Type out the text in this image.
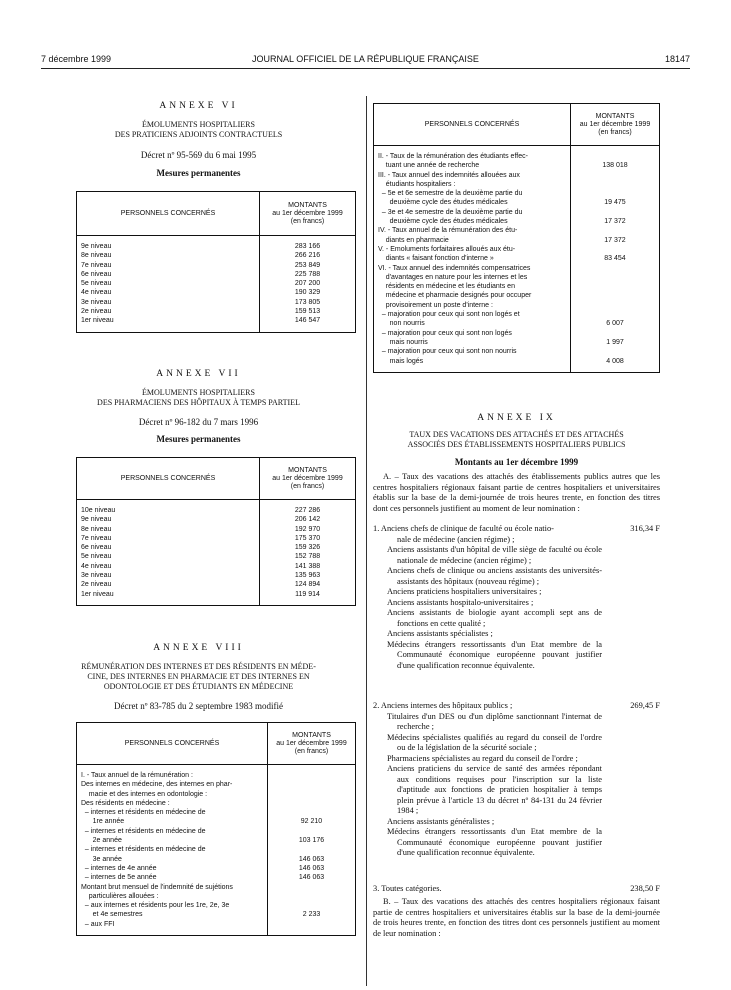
7 décembre 1999	JOURNAL OFFICIEL DE LA RÉPUBLIQUE FRANÇAISE	18147
ANNEXE VI
ÉMOLUMENTS HOSPITALIERS
DES PRATICIENS ADJOINTS CONTRACTUELS
Décret nº 95-569 du 6 mai 1995
Mesures permanentes
PERSONNELS CONCERNÉS	MONTANTS
au 1er décembre 1999
(en francs)

9e niveau	283 166
8e niveau	266 216
7e niveau	253 849
6e niveau	225 788
5e niveau	207 200
4e niveau	190 329
3e niveau	173 805
2e niveau	159 513
1er niveau	146 547

ANNEXE VII
ÉMOLUMENTS HOSPITALIERS
DES PHARMACIENS DES HÔPITAUX À TEMPS PARTIEL
Décret nº 96-182 du 7 mars 1996
Mesures permanentes
PERSONNELS CONCERNÉS	MONTANTS
au 1er décembre 1999
(en francs)

10e niveau	227 286
9e niveau	206 142
8e niveau	192 970
7e niveau	175 370
6e niveau	159 326
5e niveau	152 788
4e niveau	141 388
3e niveau	135 963
2e niveau	124 894
1er niveau	119 914

ANNEXE VIII
RÉMUNÉRATION DES INTERNES ET DES RÉSIDENTS EN MÉDE-
CINE, DES INTERNES EN PHARMACIE ET DES INTERNES EN
ODONTOLOGIE ET DES ÉTUDIANTS EN MÉDECINE
Décret nº 83-785 du 2 septembre 1983 modifié
PERSONNELS CONCERNÉS	MONTANTS
au 1er décembre 1999
(en francs)

I. - Taux annuel de la rémunération :	
Des internes en médecine, des internes en phar-	
macie et des internes en odontologie :	
Des résidents en médecine :	
– internes et résidents en médecine de	
1re année	92 210
– internes et résidents en médecine de	
2e année	103 176
– internes et résidents en médecine de	
3e année	146 063
– internes de 4e année	146 063
– internes de 5e année	146 063
Montant brut mensuel de l'indemnité de sujétions	
particulières allouées :	
– aux internes et résidents pour les 1re, 2e, 3e	
et 4e semestres	2 233
– aux FFI	

PERSONNELS CONCERNÉS	MONTANTS
au 1er décembre 1999
(en francs)

II. - Taux de la rémunération des étudiants effec-	
tuant une année de recherche	138 018
III. - Taux annuel des indemnités allouées aux	
étudiants hospitaliers :	
– 5e et 6e semestre de la deuxième partie du	
deuxième cycle des études médicales	19 475
– 3e et 4e semestre de la deuxième partie du	
deuxième cycle des études médicales	17 372
IV. - Taux annuel de la rémunération des étu-	
diants en pharmacie	17 372
V. - Emoluments forfaitaires alloués aux étu-	
diants « faisant fonction d'interne »	83 454
VI. - Taux annuel des indemnités compensatrices	
d'avantages en nature pour les internes et les	
résidents en médecine et les étudiants en	
médecine et pharmacie designés pour occuper	
provisoirement un poste d'interne :	
– majoration pour ceux qui sont non logés et	
non nourris	6 007
– majoration pour ceux qui sont non logés	
mais nourris	1 997
– majoration pour ceux qui sont non nourris	
mais logés	4 008

ANNEXE IX
TAUX DES VACATIONS DES ATTACHÉS ET DES ATTACHÉS
ASSOCIÉS DES ÉTABLISSEMENTS HOSPITALIERS PUBLICS
Montants au 1er décembre 1999
A. – Taux des vacations des attachés des établissements publics autres que les centres hospitaliers régionaux faisant partie de centres hospitaliers et universitaires établis sur la base de la demi-journée de trois heures trente, en fonction des titres dont ces personnels justifient au moment de leur nomination :
1. Anciens chefs de clinique de faculté ou école natio-	316,34 F
nale de médecine (ancien régime) ;
Anciens assistants d'un hôpital de ville siège de faculté ou école nationale de médecine (ancien régime) ;
Anciens chefs de clinique ou anciens assistants des universités-assistants des hôpitaux (nouveau régime) ;
Anciens praticiens hospitaliers universitaires ;
Anciens assistants hospitalo-universitaires ;
Anciens assistants de biologie ayant accompli sept ans de fonctions en cette qualité ;
Anciens assistants spécialistes ;
Médecins étrangers ressortissants d'un Etat membre de la Communauté économique européenne pouvant justifier d'une qualification reconnue équivalente.
2. Anciens internes des hôpitaux publics ;	269,45 F
Titulaires d'un DES ou d'un diplôme sanctionnant l'internat de recherche ;
Médecins spécialistes qualifiés au regard du conseil de l'ordre ou de la législation de la sécurité sociale ;
Pharmaciens spécialistes au regard du conseil de l'ordre ;
Anciens praticiens du service de santé des armées répondant aux conditions requises pour l'inscription sur la liste d'aptitude aux fonctions de praticien hospitalier à temps plein prévue à l'article 13 du décret nº 84-131 du 24 février 1984 ;
Anciens assistants généralistes ;
Médecins étrangers ressortissants d'un Etat membre de la Communauté économique européenne pouvant justifier d'une qualification reconnue équivalente.
3. Toutes catégories.	238,50 F
B. – Taux des vacations des attachés des centres hospitaliers régionaux faisant partie de centres hospitaliers et universitaires établis sur la base de la demi-journée de trois heures trente, en fonction des titres dont ces personnels justifient au moment de leur nomination :
